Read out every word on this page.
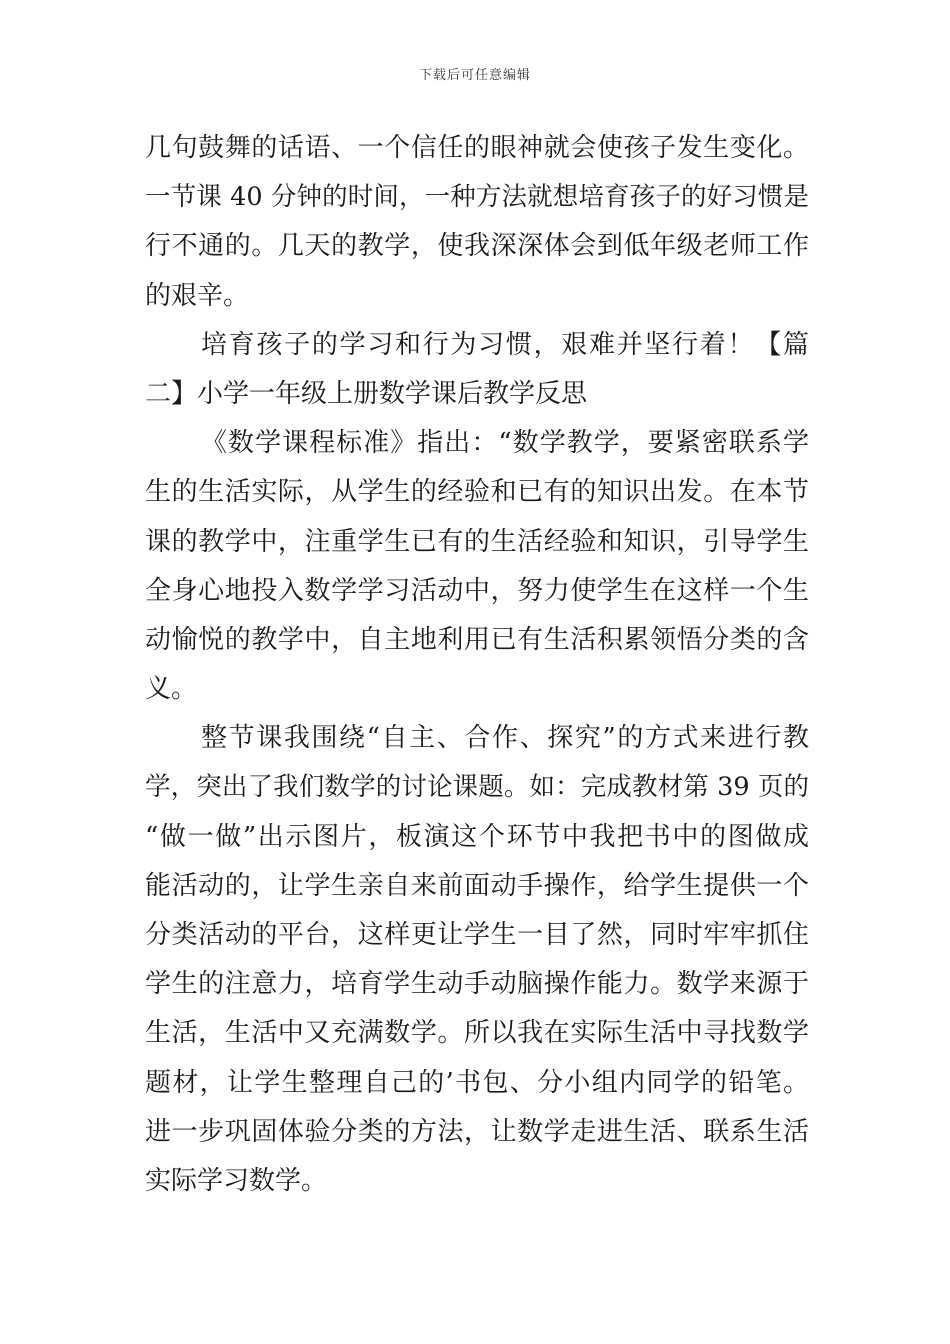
下载后可任意编辑
几句鼓舞的话语、一个信任的眼神就会使孩子发生变化。
一节课 40 分钟的时间，一种方法就想培育孩子的好习惯是
行不通的。几天的教学，使我深深体会到低年级老师工作
的艰辛。
培育孩子的学习和行为习惯，艰难并坚行着！【篇
二】小学一年级上册数学课后教学反思
《数学课程标准》指出：“数学教学，要紧密联系学
生的生活实际，从学生的经验和已有的知识出发。在本节
课的教学中，注重学生已有的生活经验和知识，引导学生
全身心地投入数学学习活动中，努力使学生在这样一个生
动愉悦的教学中，自主地利用已有生活积累领悟分类的含
义。
整节课我围绕“自主、合作、探究”的方式来进行教
学，突出了我们数学的讨论课题。如：完成教材第 39 页的
“做一做”出示图片，板演这个环节中我把书中的图做成
能活动的，让学生亲自来前面动手操作，给学生提供一个
分类活动的平台，这样更让学生一目了然，同时牢牢抓住
学生的注意力，培育学生动手动脑操作能力。数学来源于
生活，生活中又充满数学。所以我在实际生活中寻找数学
题材，让学生整理自己的’书包、分小组内同学的铅笔。
进一步巩固体验分类的方法，让数学走进生活、联系生活
实际学习数学。
